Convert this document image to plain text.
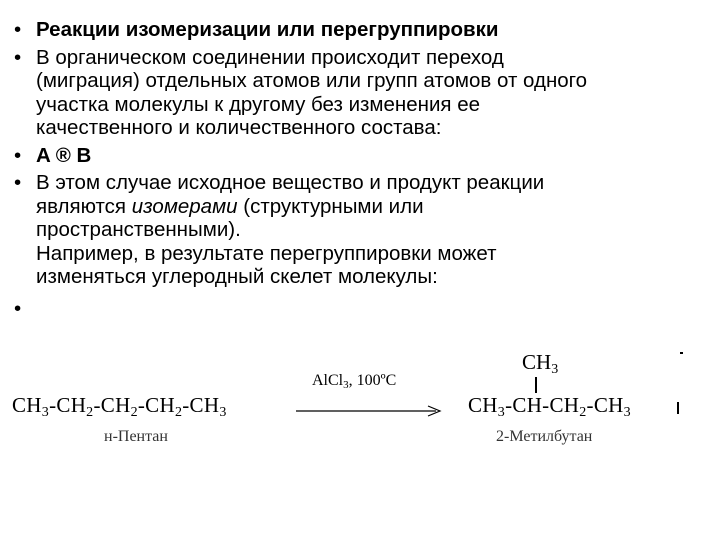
• Реакции изомеризации или перегруппировки
• В органическом соединении происходит переход
(миграция) отдельных атомов или групп атомов от одного
участка молекулы к другому без изменения ее
качественного и количественного состава:
• A ® B
• В этом случае исходное вещество и продукт реакции
являются изомерами (структурными или
пространственными).
Например, в результате перегруппировки может
изменяться углеродный скелет молекулы:
•
$CH_3-CH_2-CH_2-CH_2-CH_3$
н-Пентан
AlCl$_3$, 100ºC
$CH_3$
$CH_3-CH-CH_2-CH_3$
2-Метилбутан
